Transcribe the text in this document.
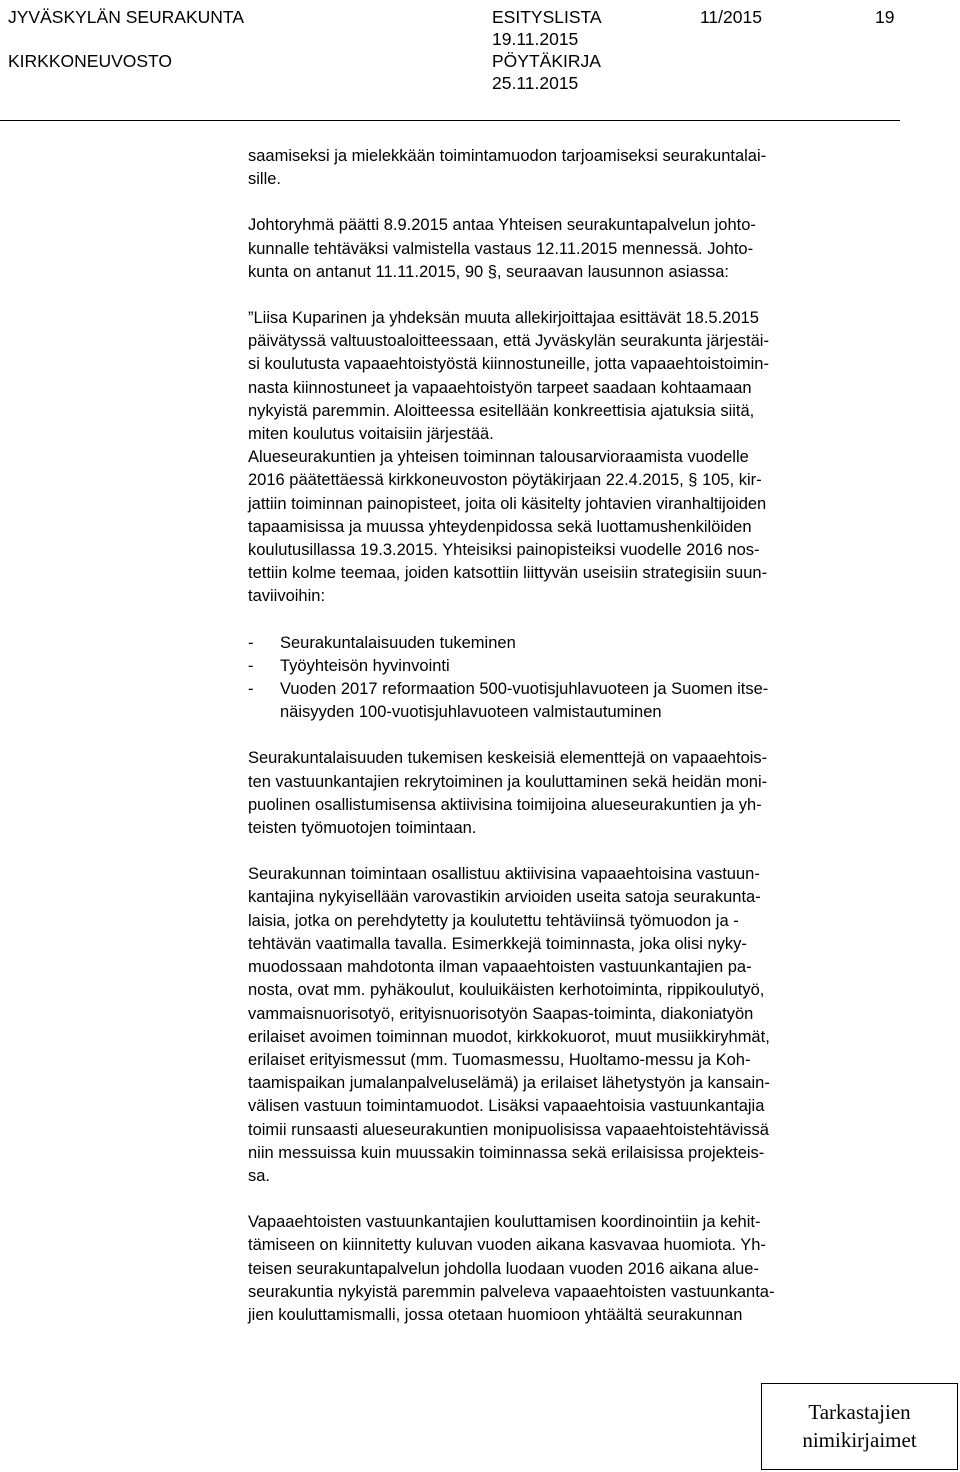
JYVÄSKYLÄN SEURAKUNTA
KIRKKONEUVOSTO
ESITYSLISTA
19.11.2015
PÖYTÄKIRJA
25.11.2015
11/2015	19

saamiseksi ja mielekkään toimintamuodon tarjoamiseksi seurakuntalai-
sille.

Johtoryhmä päätti 8.9.2015 antaa Yhteisen seurakuntapalvelun johto-
kunnalle tehtäväksi valmistella vastaus 12.11.2015 mennessä. Johto-
kunta on antanut 11.11.2015, 90 §, seuraavan lausunnon asiassa:

”Liisa Kuparinen ja yhdeksän muuta allekirjoittajaa esittävät 18.5.2015
päivätyssä valtuustoaloitteessaan, että Jyväskylän seurakunta järjestäi-
si koulutusta vapaaehtoistyöstä kiinnostuneille, jotta vapaaehtoistoimin-
nasta kiinnostuneet ja vapaaehtoistyön tarpeet saadaan kohtaamaan
nykyistä paremmin. Aloitteessa esitellään konkreettisia ajatuksia siitä,
miten koulutus voitaisiin järjestää.
Alueseurakuntien ja yhteisen toiminnan talousarvioraamista vuodelle
2016 päätettäessä kirkkoneuvoston pöytäkirjaan 22.4.2015, § 105, kir-
jattiin toiminnan painopisteet, joita oli käsitelty johtavien viranhaltijoiden
tapaamisissa ja muussa yhteydenpidossa sekä luottamushenkilöiden
koulutusillassa 19.3.2015. Yhteisiksi painopisteiksi vuodelle 2016 nos-
tettiin kolme teemaa, joiden katsottiin liittyvän useisiin strategisiin suun-
taviivoihin:

- Seurakuntalaisuuden tukeminen
- Työyhteisön hyvinvointi
- Vuoden 2017 reformaation 500-vuotisjuhlavuoteen ja Suomen itse-
näisyyden 100-vuotisjuhlavuoteen valmistautuminen

Seurakuntalaisuuden tukemisen keskeisiä elementtejä on vapaaehtois-
ten vastuunkantajien rekrytoiminen ja kouluttaminen sekä heidän moni-
puolinen osallistumisensa aktiivisina toimijoina alueseurakuntien ja yh-
teisten työmuotojen toimintaan.

Seurakunnan toimintaan osallistuu aktiivisina vapaaehtoisina vastuun-
kantajina nykyisellään varovastikin arvioiden useita satoja seurakunta-
laisia, jotka on perehdytetty ja koulutettu tehtäviinsä työmuodon ja -
tehtävän vaatimalla tavalla. Esimerkkejä toiminnasta, joka olisi nyky-
muodossaan mahdotonta ilman vapaaehtoisten vastuunkantajien pa-
nosta, ovat mm. pyhäkoulut, kouluikäisten kerhotoiminta, rippikoulutyö,
vammaisnuorisotyö, erityisnuorisotyön Saapas-toiminta, diakoniatyön
erilaiset avoimen toiminnan muodot, kirkkokuorot, muut musiikkiryhmät,
erilaiset erityismessut (mm. Tuomasmessu, Huoltamo-messu ja Koh-
taamispaikan jumalanpalveluselämä) ja erilaiset lähetystyön ja kansain-
välisen vastuun toimintamuodot. Lisäksi vapaaehtoisia vastuunkantajia
toimii runsaasti alueseurakuntien monipuolisissa vapaaehtoistehtävissä
niin messuissa kuin muussakin toiminnassa sekä erilaisissa projekteis-
sa.

Vapaaehtoisten vastuunkantajien kouluttamisen koordinointiin ja kehit-
tämiseen on kiinnitetty kuluvan vuoden aikana kasvavaa huomiota. Yh-
teisen seurakuntapalvelun johdolla luodaan vuoden 2016 aikana alue-
seurakuntia nykyistä paremmin palveleva vapaaehtoisten vastuunkanta-
jien kouluttamismalli, jossa otetaan huomioon yhtäältä seurakunnan

Tarkastajien
nimikirjaimet
